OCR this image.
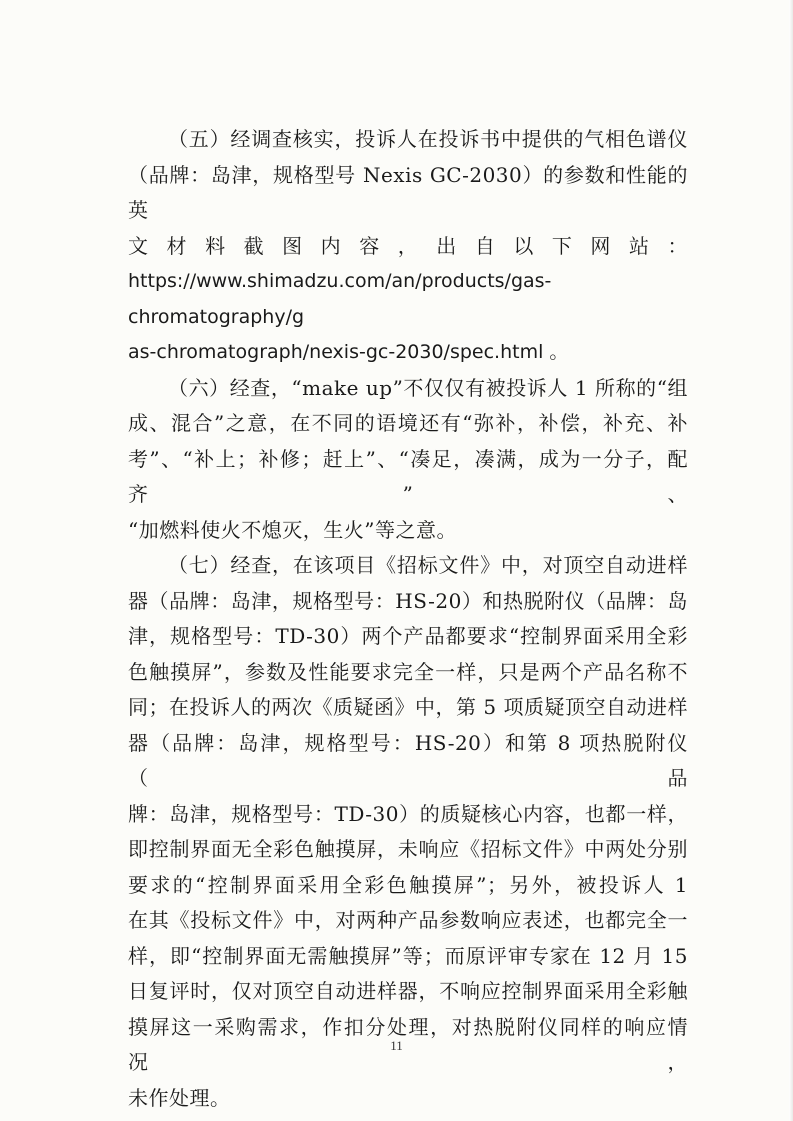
（五）经调查核实，投诉人在投诉书中提供的气相色谱仪
（品牌：岛津，规格型号 Nexis GC-2030）的参数和性能的英
文 材 料 截 图 内 容 ， 出 自 以 下 网 站 ：
https://www.shimadzu.com/an/products/gas-chromatography/g
as-chromatograph/nexis-gc-2030/spec.html 。
（六）经查，“make up”不仅仅有被投诉人 1 所称的“组
成、混合”之意，在不同的语境还有“弥补，补偿，补充、补
考”、“补上；补修；赶上”、“凑足，凑满，成为一分子，配齐”、
“加燃料使火不熄灭，生火”等之意。
（七）经查，在该项目《招标文件》中，对顶空自动进样
器（品牌：岛津，规格型号：HS-20）和热脱附仪（品牌：岛
津，规格型号：TD-30）两个产品都要求“控制界面采用全彩
色触摸屏”，参数及性能要求完全一样，只是两个产品名称不
同；在投诉人的两次《质疑函》中，第 5 项质疑顶空自动进样
器（品牌：岛津，规格型号：HS-20）和第 8 项热脱附仪（品
牌：岛津，规格型号：TD-30）的质疑核心内容，也都一样，
即控制界面无全彩色触摸屏，未响应《招标文件》中两处分别
要求的“控制界面采用全彩色触摸屏”；另外，被投诉人 1
在其《投标文件》中，对两种产品参数响应表述，也都完全一
样，即“控制界面无需触摸屏”等；而原评审专家在 12 月 15
日复评时，仅对顶空自动进样器，不响应控制界面采用全彩触
摸屏这一采购需求，作扣分处理，对热脱附仪同样的响应情况，
未作处理。
11
